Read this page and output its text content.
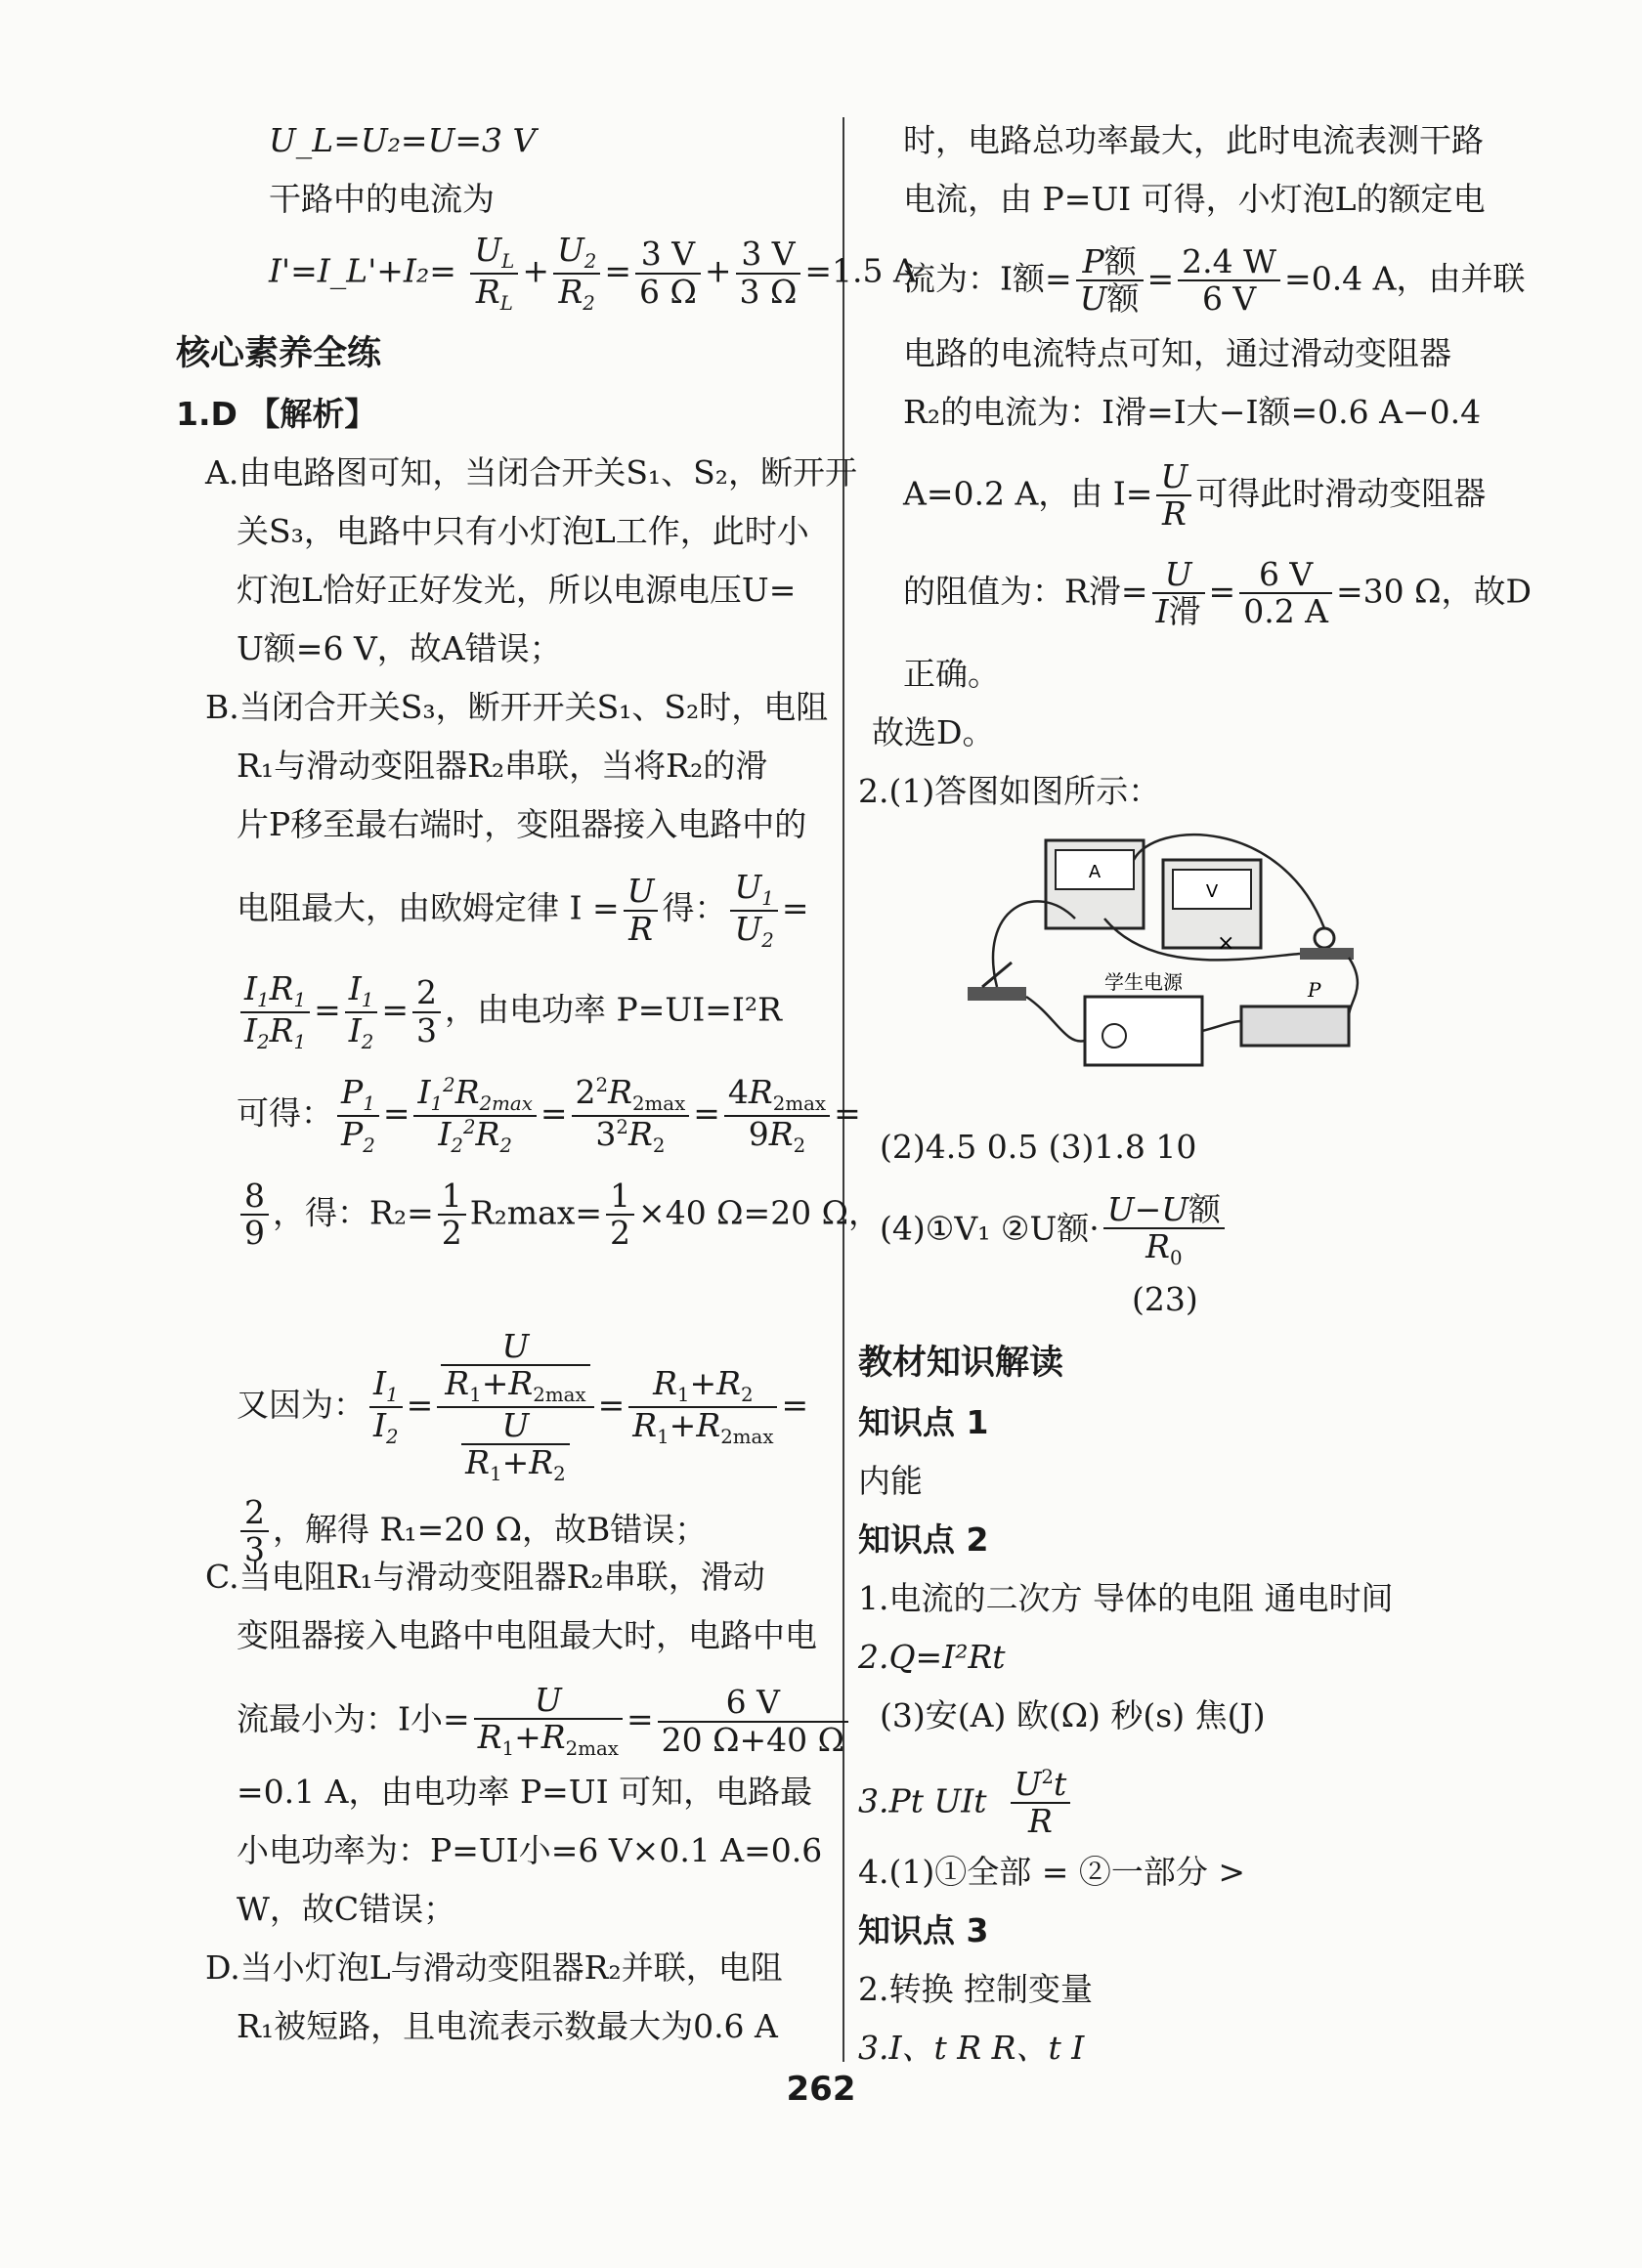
U_L=U₂=U=3 V
干路中的电流为
I'=I_L'+I₂= $\frac{U_L}{R_L} + \frac{U_2}{R_2} = \frac{3 V}{6 \Omega} + \frac{3 V}{3 \Omega} =1.5$ A
核心素养全练
1.D 【解析】
A.由电路图可知，当闭合开关S₁、S₂，断开开
关S₃，电路中只有小灯泡L工作，此时小
灯泡L恰好正好发光，所以电源电压U=
U额=6 V，故A错误；
B.当闭合开关S₃，断开开关S₁、S₂时，电阻
R₁与滑动变阻器R₂串联，当将R₂的滑
片P移至最右端时，变阻器接入电路中的
电阻最大，由欧姆定律 $I = \frac{U}{R}$ 得： $\frac{U_1}{U_2}$ =
$\frac{I_1R_1}{I_2R_1} = \frac{I_1}{I_2} = \frac{2}{3}$ ，由电功率 P=UI=I²R
可得： $\frac{P_1}{P_2} = \frac{I_1^2R_{2max}}{I_2^2R_2} = \frac{2^2R_{2max}}{3^2R_2} = \frac{4R_{2max}}{9R_2}$ =
$\frac{8}{9}$ ，得：$R_2= \frac{1}{2} R_2\max= \frac{1}{2} \times 40$ Ω=20 Ω，
又因为： $\frac{I_1}{I_2} = \frac{\frac{U}{R_1+R_{2max}}}{\frac{U}{R_1+R_2}} = \frac{R_1+R_2}{R_1+R_{2max}}$ =
$\frac{2}{3}$ ，解得 R₁=20 Ω，故B错误；
C.当电阻R₁与滑动变阻器R₂串联，滑动
变阻器接入电路中电阻最大时，电路中电
流最小为：I小= $\frac{U}{R_1+R_{2max}} = \frac{6 V}{20 \Omega+40 \Omega}$
=0.1 A，由电功率 P=UI 可知，电路最
小电功率为：P=UI小=6 V×0.1 A=0.6
W，故C错误；
D.当小灯泡L与滑动变阻器R₂并联，电阻
R₁被短路，且电流表示数最大为0.6 A
时，电路总功率最大，此时电流表测干路
电流，由 P=UI 可得，小灯泡L的额定电
流为：I额= $\frac{\text{P额}}{\text{U额}} = \frac{2.4 W}{6 V} =0.4$ A，由并联
电路的电流特点可知，通过滑动变阻器
R₂的电流为：I滑=I大−I额=0.6 A−0.4
A=0.2 A，由 $I= \frac{U}{R}$ 可得此时滑动变阻器
的阻值为：R滑= $\frac{U}{\text{I滑}} = \frac{6 V}{0.2 A} =30$ Ω，故D
正确。
故选D。
2.(1)答图如图所示：
A
V
学生电源	P
×
(2)4.5 0.5 (3)1.8 10
(4)①V₁ ②U额· $\frac{\text{U−U额}}{R_0}$
(23)
教材知识解读
知识点 1
内能
知识点 2
1.电流的二次方 导体的电阻 通电时间
2.Q=I²Rt
(3)安(A) 欧(Ω) 秒(s) 焦(J)
3.Pt UIt $\frac{U^2t}{R}$
4.(1)①全部 = ②一部分 >
知识点 3
2.转换 控制变量
3.I、t R R、t I
262
